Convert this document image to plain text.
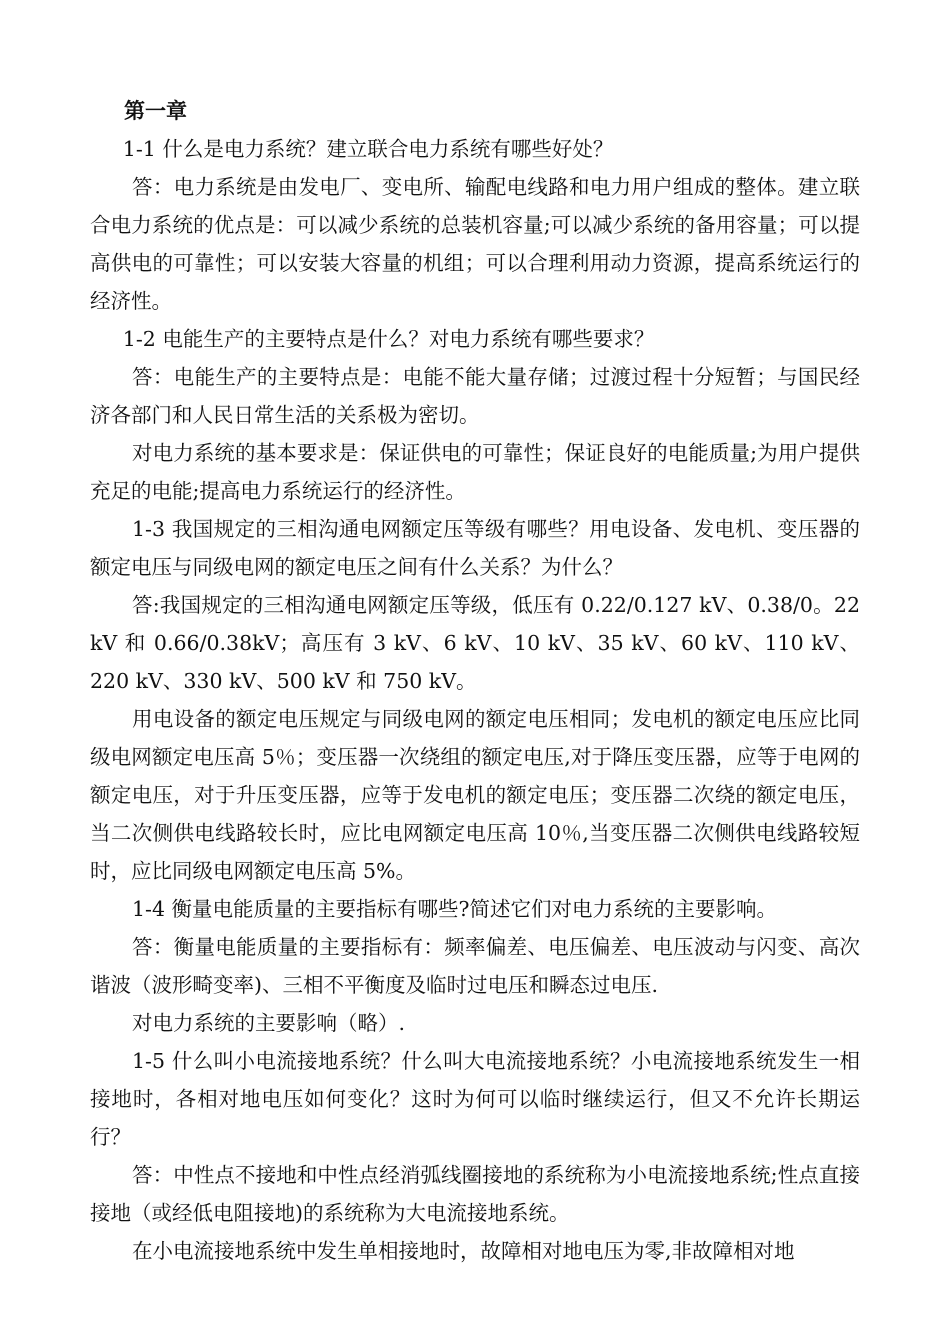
第一章

1-1 什么是电力系统？建立联合电力系统有哪些好处？

答：电力系统是由发电厂、变电所、输配电线路和电力用户组成的整体。建立联合电力系统的优点是：可以减少系统的总装机容量;可以减少系统的备用容量；可以提高供电的可靠性；可以安装大容量的机组；可以合理利用动力资源，提高系统运行的经济性。

1-2 电能生产的主要特点是什么？对电力系统有哪些要求？

答：电能生产的主要特点是：电能不能大量存储；过渡过程十分短暂；与国民经济各部门和人民日常生活的关系极为密切。

对电力系统的基本要求是：保证供电的可靠性；保证良好的电能质量;为用户提供充足的电能;提高电力系统运行的经济性。

1-3 我国规定的三相沟通电网额定压等级有哪些？用电设备、发电机、变压器的额定电压与同级电网的额定电压之间有什么关系？为什么？

答:我国规定的三相沟通电网额定压等级，低压有 0.22/0.127 kV、0.38/0。22 kV 和 0.66/0.38kV；高压有 3 kV、6 kV、10 kV、35 kV、60 kV、110 kV、220 kV、330 kV、500 kV 和 750 kV。

用电设备的额定电压规定与同级电网的额定电压相同；发电机的额定电压应比同级电网额定电压高 5％；变压器一次绕组的额定电压,对于降压变压器，应等于电网的额定电压，对于升压变压器，应等于发电机的额定电压；变压器二次绕的额定电压，当二次侧供电线路较长时，应比电网额定电压高 10％,当变压器二次侧供电线路较短时，应比同级电网额定电压高 5%。

1-4 衡量电能质量的主要指标有哪些?简述它们对电力系统的主要影响。

答：衡量电能质量的主要指标有：频率偏差、电压偏差、电压波动与闪变、高次谐波（波形畸变率)、三相不平衡度及临时过电压和瞬态过电压.

对电力系统的主要影响（略）.

1-5 什么叫小电流接地系统？什么叫大电流接地系统？小电流接地系统发生一相接地时，各相对地电压如何变化？这时为何可以临时继续运行，但又不允许长期运行？

答：中性点不接地和中性点经消弧线圈接地的系统称为小电流接地系统;性点直接接地（或经低电阻接地)的系统称为大电流接地系统。

在小电流接地系统中发生单相接地时，故障相对地电压为零,非故障相对地
